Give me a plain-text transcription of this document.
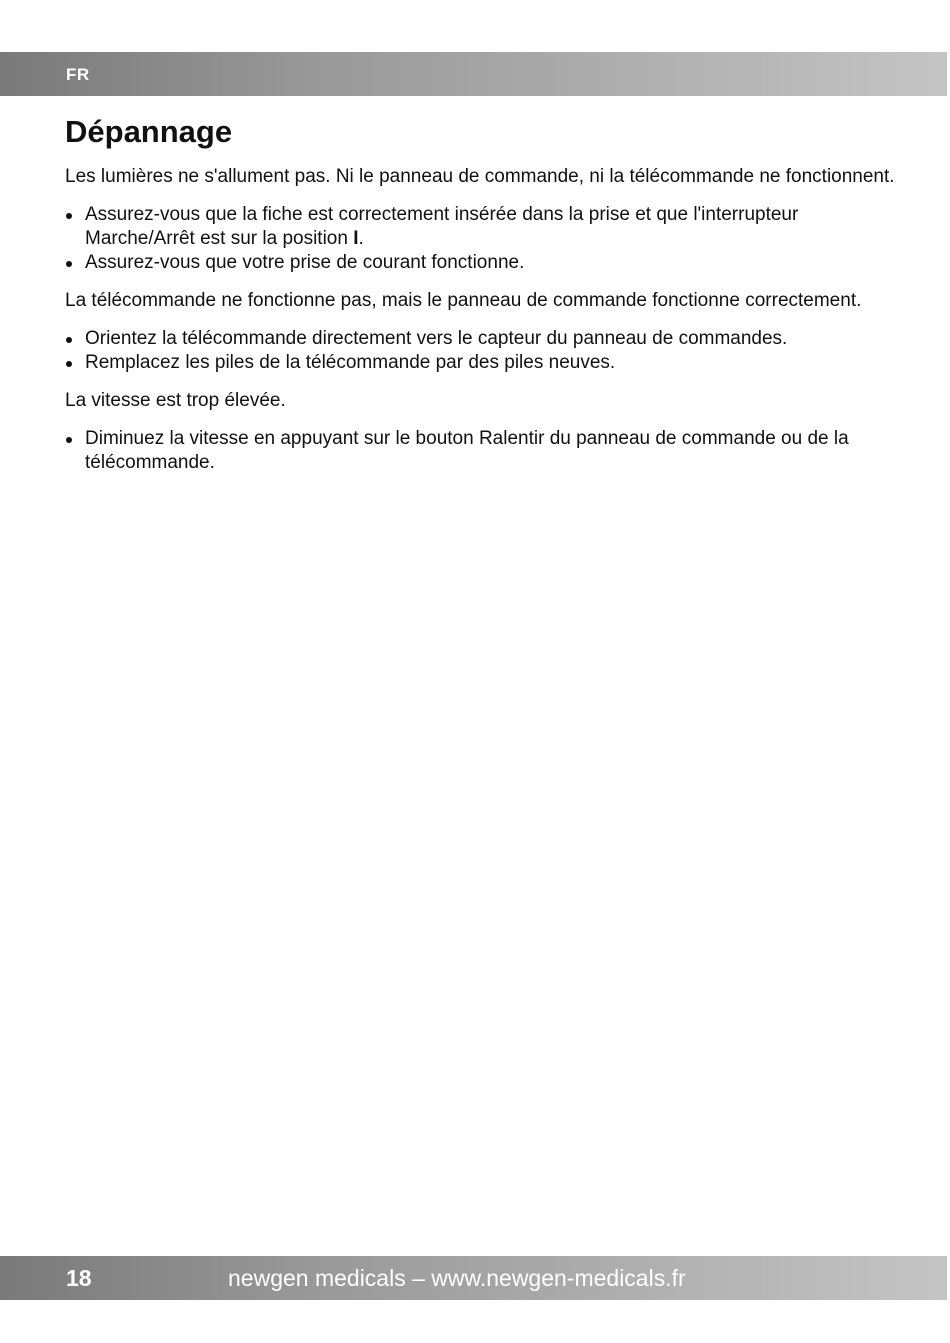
FR
Dépannage

Les lumières ne s'allument pas. Ni le panneau de commande, ni la télécommande ne fonctionnent.

Assurez-vous que la fiche est correctement insérée dans la prise et que l'interrupteur Marche/Arrêt est sur la position I.
Assurez-vous que votre prise de courant fonctionne.

La télécommande ne fonctionne pas, mais le panneau de commande fonctionne correctement.

Orientez la télécommande directement vers le capteur du panneau de commandes.
Remplacez les piles de la télécommande par des piles neuves.

La vitesse est trop élevée.

Diminuez la vitesse en appuyant sur le bouton Ralentir du panneau de commande ou de la télécommande.
18	newgen medicals – www.newgen-medicals.fr
